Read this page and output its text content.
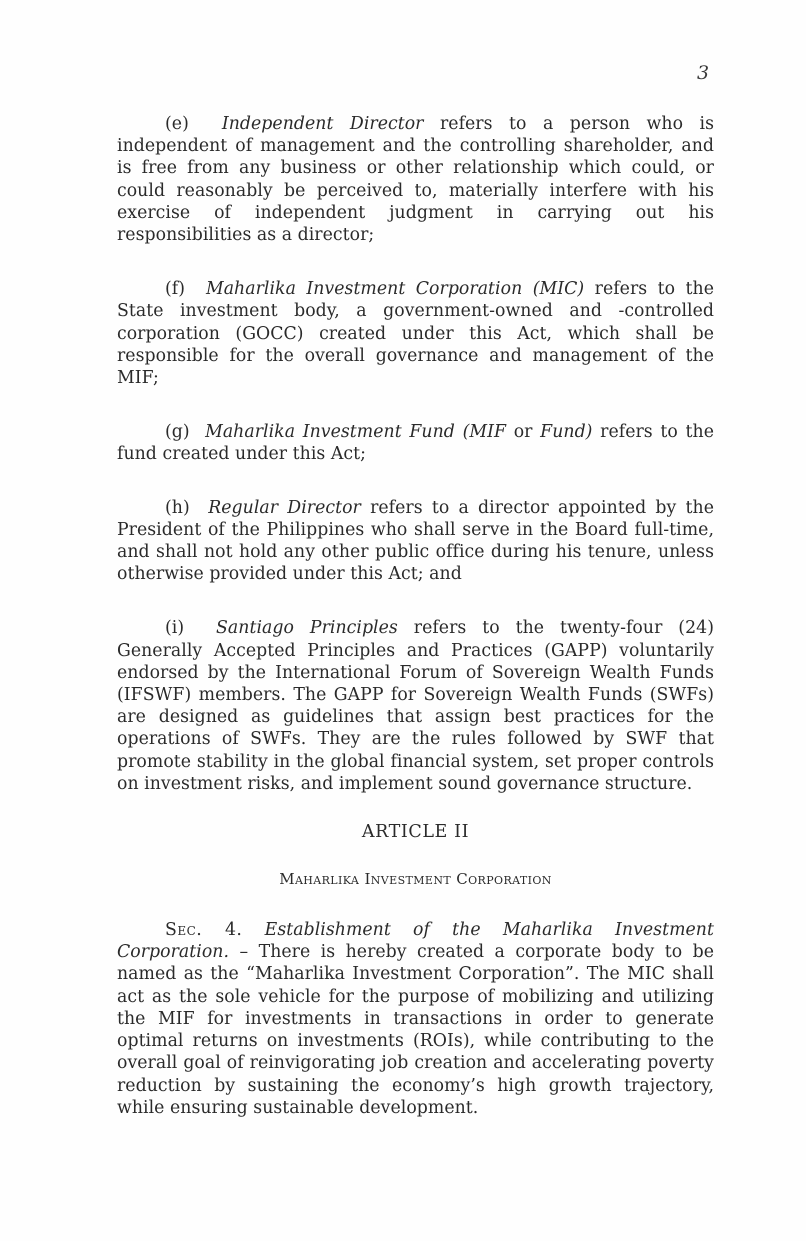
3

(e) Independent Director refers to a person who is independent of management and the controlling shareholder, and is free from any business or other relationship which could, or could reasonably be perceived to, materially interfere with his exercise of independent judgment in carrying out his responsibilities as a director;

(f) Maharlika Investment Corporation (MIC) refers to the State investment body, a government-owned and -controlled corporation (GOCC) created under this Act, which shall be responsible for the overall governance and management of the MIF;

(g) Maharlika Investment Fund (MIF or Fund) refers to the fund created under this Act;

(h) Regular Director refers to a director appointed by the President of the Philippines who shall serve in the Board full-time, and shall not hold any other public office during his tenure, unless otherwise provided under this Act; and

(i) Santiago Principles refers to the twenty-four (24) Generally Accepted Principles and Practices (GAPP) voluntarily endorsed by the International Forum of Sovereign Wealth Funds (IFSWF) members. The GAPP for Sovereign Wealth Funds (SWFs) are designed as guidelines that assign best practices for the operations of SWFs. They are the rules followed by SWF that promote stability in the global financial system, set proper controls on investment risks, and implement sound governance structure.

ARTICLE II

Maharlika Investment Corporation

Sec. 4. Establishment of the Maharlika Investment Corporation. – There is hereby created a corporate body to be named as the “Maharlika Investment Corporation”. The MIC shall act as the sole vehicle for the purpose of mobilizing and utilizing the MIF for investments in transactions in order to generate optimal returns on investments (ROIs), while contributing to the overall goal of reinvigorating job creation and accelerating poverty reduction by sustaining the economy’s high growth trajectory, while ensuring sustainable development.
